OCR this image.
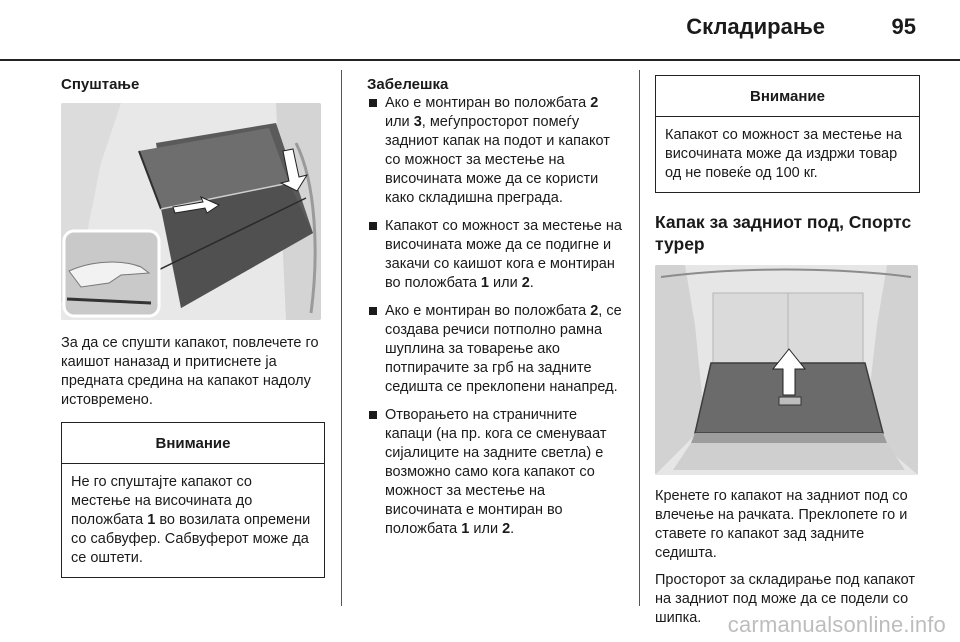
Складирање	95
Спуштање

За да се спушти капакот, повлечете го каишот наназад и притиснете ја предната средина на капакот надолу истовремено.

Внимание
Не го спуштајте капакот со местење на височината до положбата 1 во возилата опремени со сабвуфер. Сабвуферот може да се оштети.
Забелешка
Ако е монтиран во положбата 2 или 3, меѓупросторот помеѓу задниот капак на подот и капакот со можност за местење на височината може да се користи како складишна преграда.
Капакот со можност за местење на височината може да се подигне и закачи со каишот кога е монтиран во положбата 1 или 2.
Ако е монтиран во положбата 2, се создава речиси потполно рамна шуплина за товарење ако потпирачите за грб на задните седишта се преклопени нанапред.
Отворањето на страничните капаци (на пр. кога се сменуваат сијалиците на задните светла) е возможно само кога капакот со можност за местење на височината е монтиран во положбата 1 или 2.
Внимание
Капакот со можност за местење на височината може да издржи товар од не повеќе од 100 кг.
Капак за задниот под, Спортс турер

Кренете го капакот на задниот под со влечење на рачката. Преклопете го и ставете го капакот зад задните седишта.

Просторот за складирање под капакот на задниот под може да се подели со шипка.	carmanualsonline.info
